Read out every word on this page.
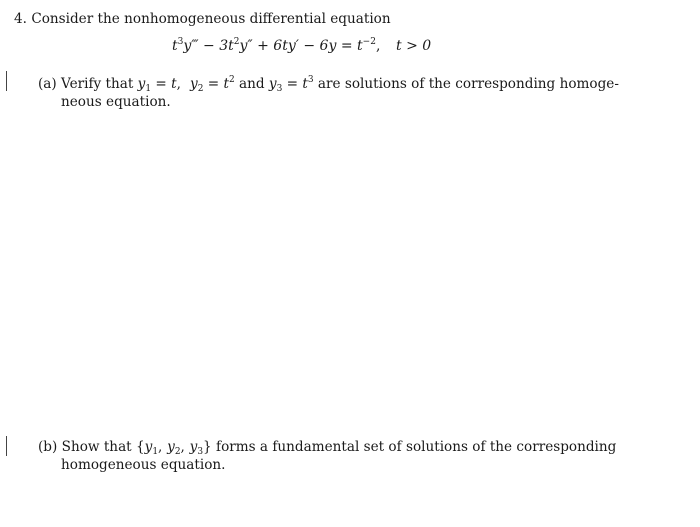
4. Consider the nonhomogeneous differential equation
$t^3y‴ - 3t^2y'' + 6ty' - 6y = t^{-2}$, t > 0
(a) Verify that $y_1 = t$, $y_2 = t^2$ and $y_3 = t^3$ are solutions of the corresponding homoge-
neous equation.
(b) Show that {$y_1$, $y_2$, $y_3$} forms a fundamental set of solutions of the corresponding
homogeneous equation.
